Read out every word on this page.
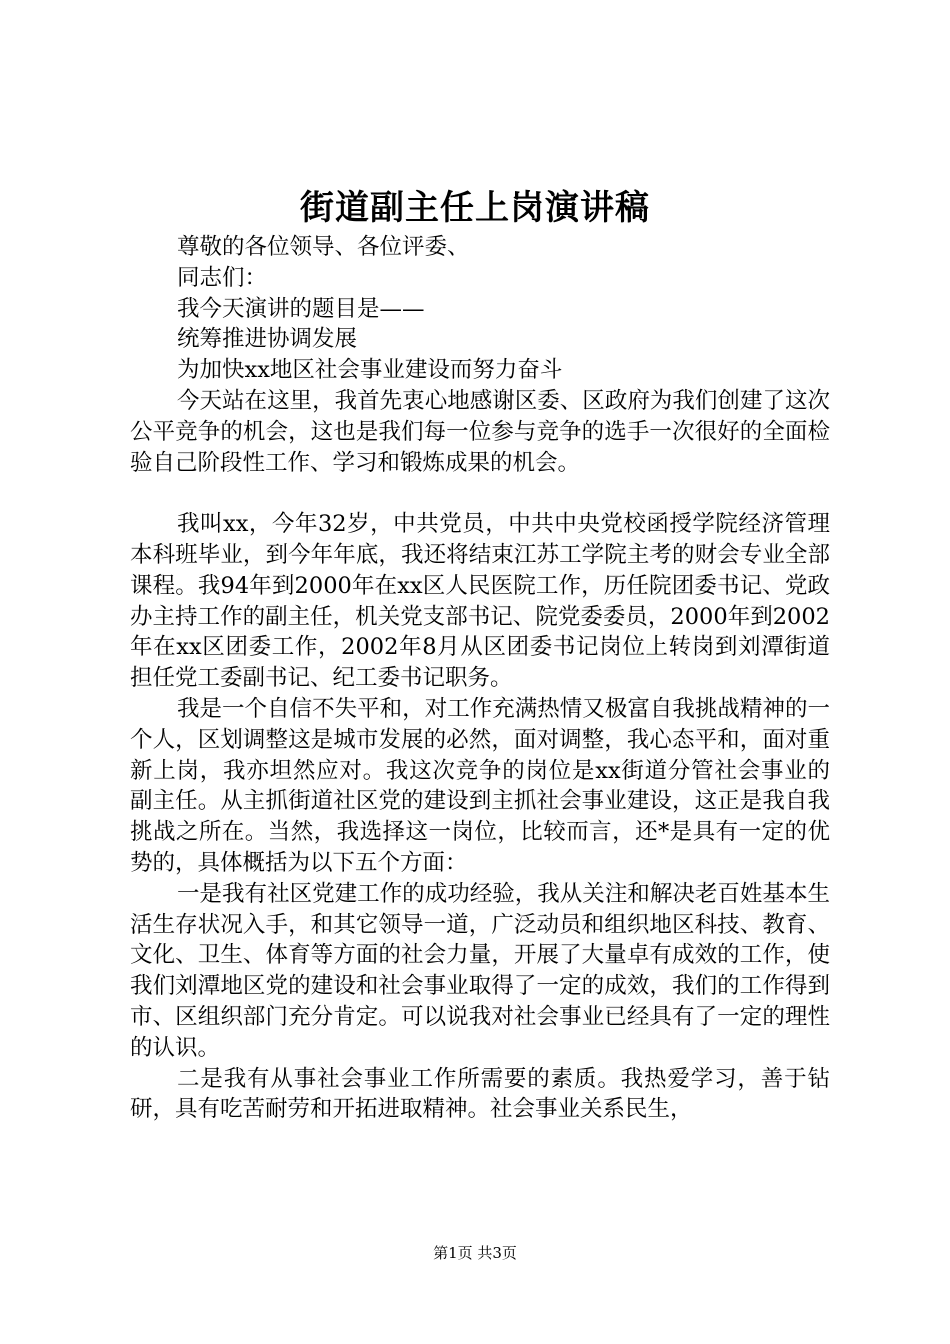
街道副主任上岗演讲稿

尊敬的各位领导、各位评委、

同志们：

我今天演讲的题目是——

统筹推进协调发展

为加快xx地区社会事业建设而努力奋斗

今天站在这里，我首先衷心地感谢区委、区政府为我们创建了这次公平竞争的机会，这也是我们每一位参与竞争的选手一次很好的全面检验自己阶段性工作、学习和锻炼成果的机会。

我叫xx，今年32岁，中共党员，中共中央党校函授学院经济管理本科班毕业，到今年年底，我还将结束江苏工学院主考的财会专业全部课程。我94年到2000年在xx区人民医院工作，历任院团委书记、党政办主持工作的副主任，机关党支部书记、院党委委员，2000年到2002年在xx区团委工作，2002年8月从区团委书记岗位上转岗到刘潭街道担任党工委副书记、纪工委书记职务。

我是一个自信不失平和，对工作充满热情又极富自我挑战精神的一个人，区划调整这是城市发展的必然，面对调整，我心态平和，面对重新上岗，我亦坦然应对。我这次竞争的岗位是xx街道分管社会事业的副主任。从主抓街道社区党的建设到主抓社会事业建设，这正是我自我挑战之所在。当然，我选择这一岗位，比较而言，还*是具有一定的优势的，具体概括为以下五个方面：

一是我有社区党建工作的成功经验，我从关注和解决老百姓基本生活生存状况入手，和其它领导一道，广泛动员和组织地区科技、教育、文化、卫生、体育等方面的社会力量，开展了大量卓有成效的工作，使我们刘潭地区党的建设和社会事业取得了一定的成效，我们的工作得到市、区组织部门充分肯定。可以说我对社会事业已经具有了一定的理性的认识。

二是我有从事社会事业工作所需要的素质。我热爱学习，善于钻研，具有吃苦耐劳和开拓进取精神。社会事业关系民生，

第1页 共3页
